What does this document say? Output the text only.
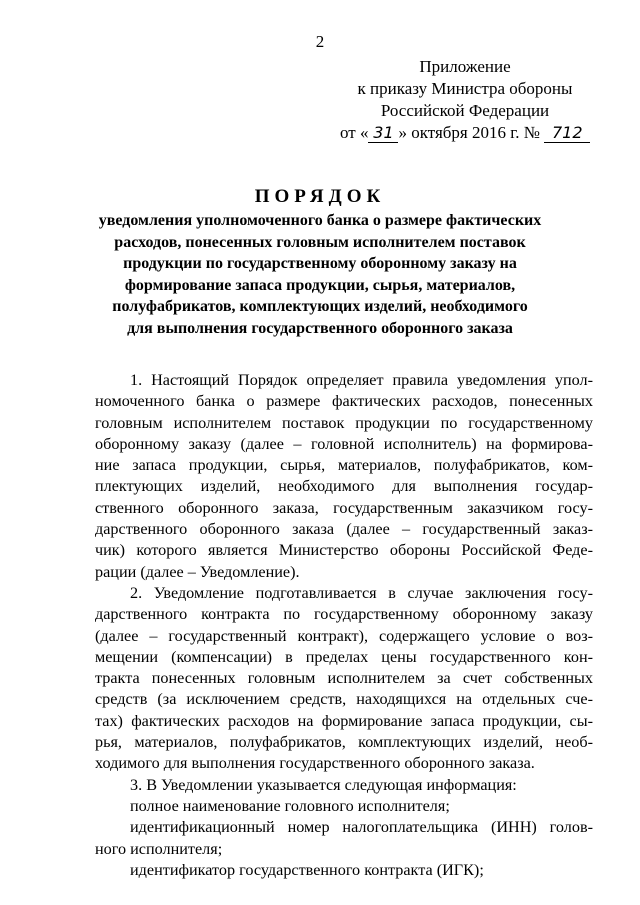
2
Приложение
к приказу Министра обороны
Российской Федерации
от « 31 » октября 2016 г. № 712
ПОРЯДОК
уведомления уполномоченного банка о размере фактических
расходов, понесенных головным исполнителем поставок
продукции по государственному оборонному заказу на
формирование запаса продукции, сырья, материалов,
полуфабрикатов, комплектующих изделий, необходимого
для выполнения государственного оборонного заказа
1. Настоящий Порядок определяет правила уведомления упол-
номоченного банка о размере фактических расходов, понесенных
головным исполнителем поставок продукции по государственному
оборонному заказу (далее – головной исполнитель) на формирова-
ние запаса продукции, сырья, материалов, полуфабрикатов, ком-
плектующих изделий, необходимого для выполнения государ-
ственного оборонного заказа, государственным заказчиком госу-
дарственного оборонного заказа (далее – государственный заказ-
чик) которого является Министерство обороны Российской Феде-
рации (далее – Уведомление).
2. Уведомление подготавливается в случае заключения госу-
дарственного контракта по государственному оборонному заказу
(далее – государственный контракт), содержащего условие о воз-
мещении (компенсации) в пределах цены государственного кон-
тракта понесенных головным исполнителем за счет собственных
средств (за исключением средств, находящихся на отдельных сче-
тах) фактических расходов на формирование запаса продукции, сы-
рья, материалов, полуфабрикатов, комплектующих изделий, необ-
ходимого для выполнения государственного оборонного заказа.
3. В Уведомлении указывается следующая информация:
полное наименование головного исполнителя;
идентификационный номер налогоплательщика (ИНН) голов-
ного исполнителя;
идентификатор государственного контракта (ИГК);
